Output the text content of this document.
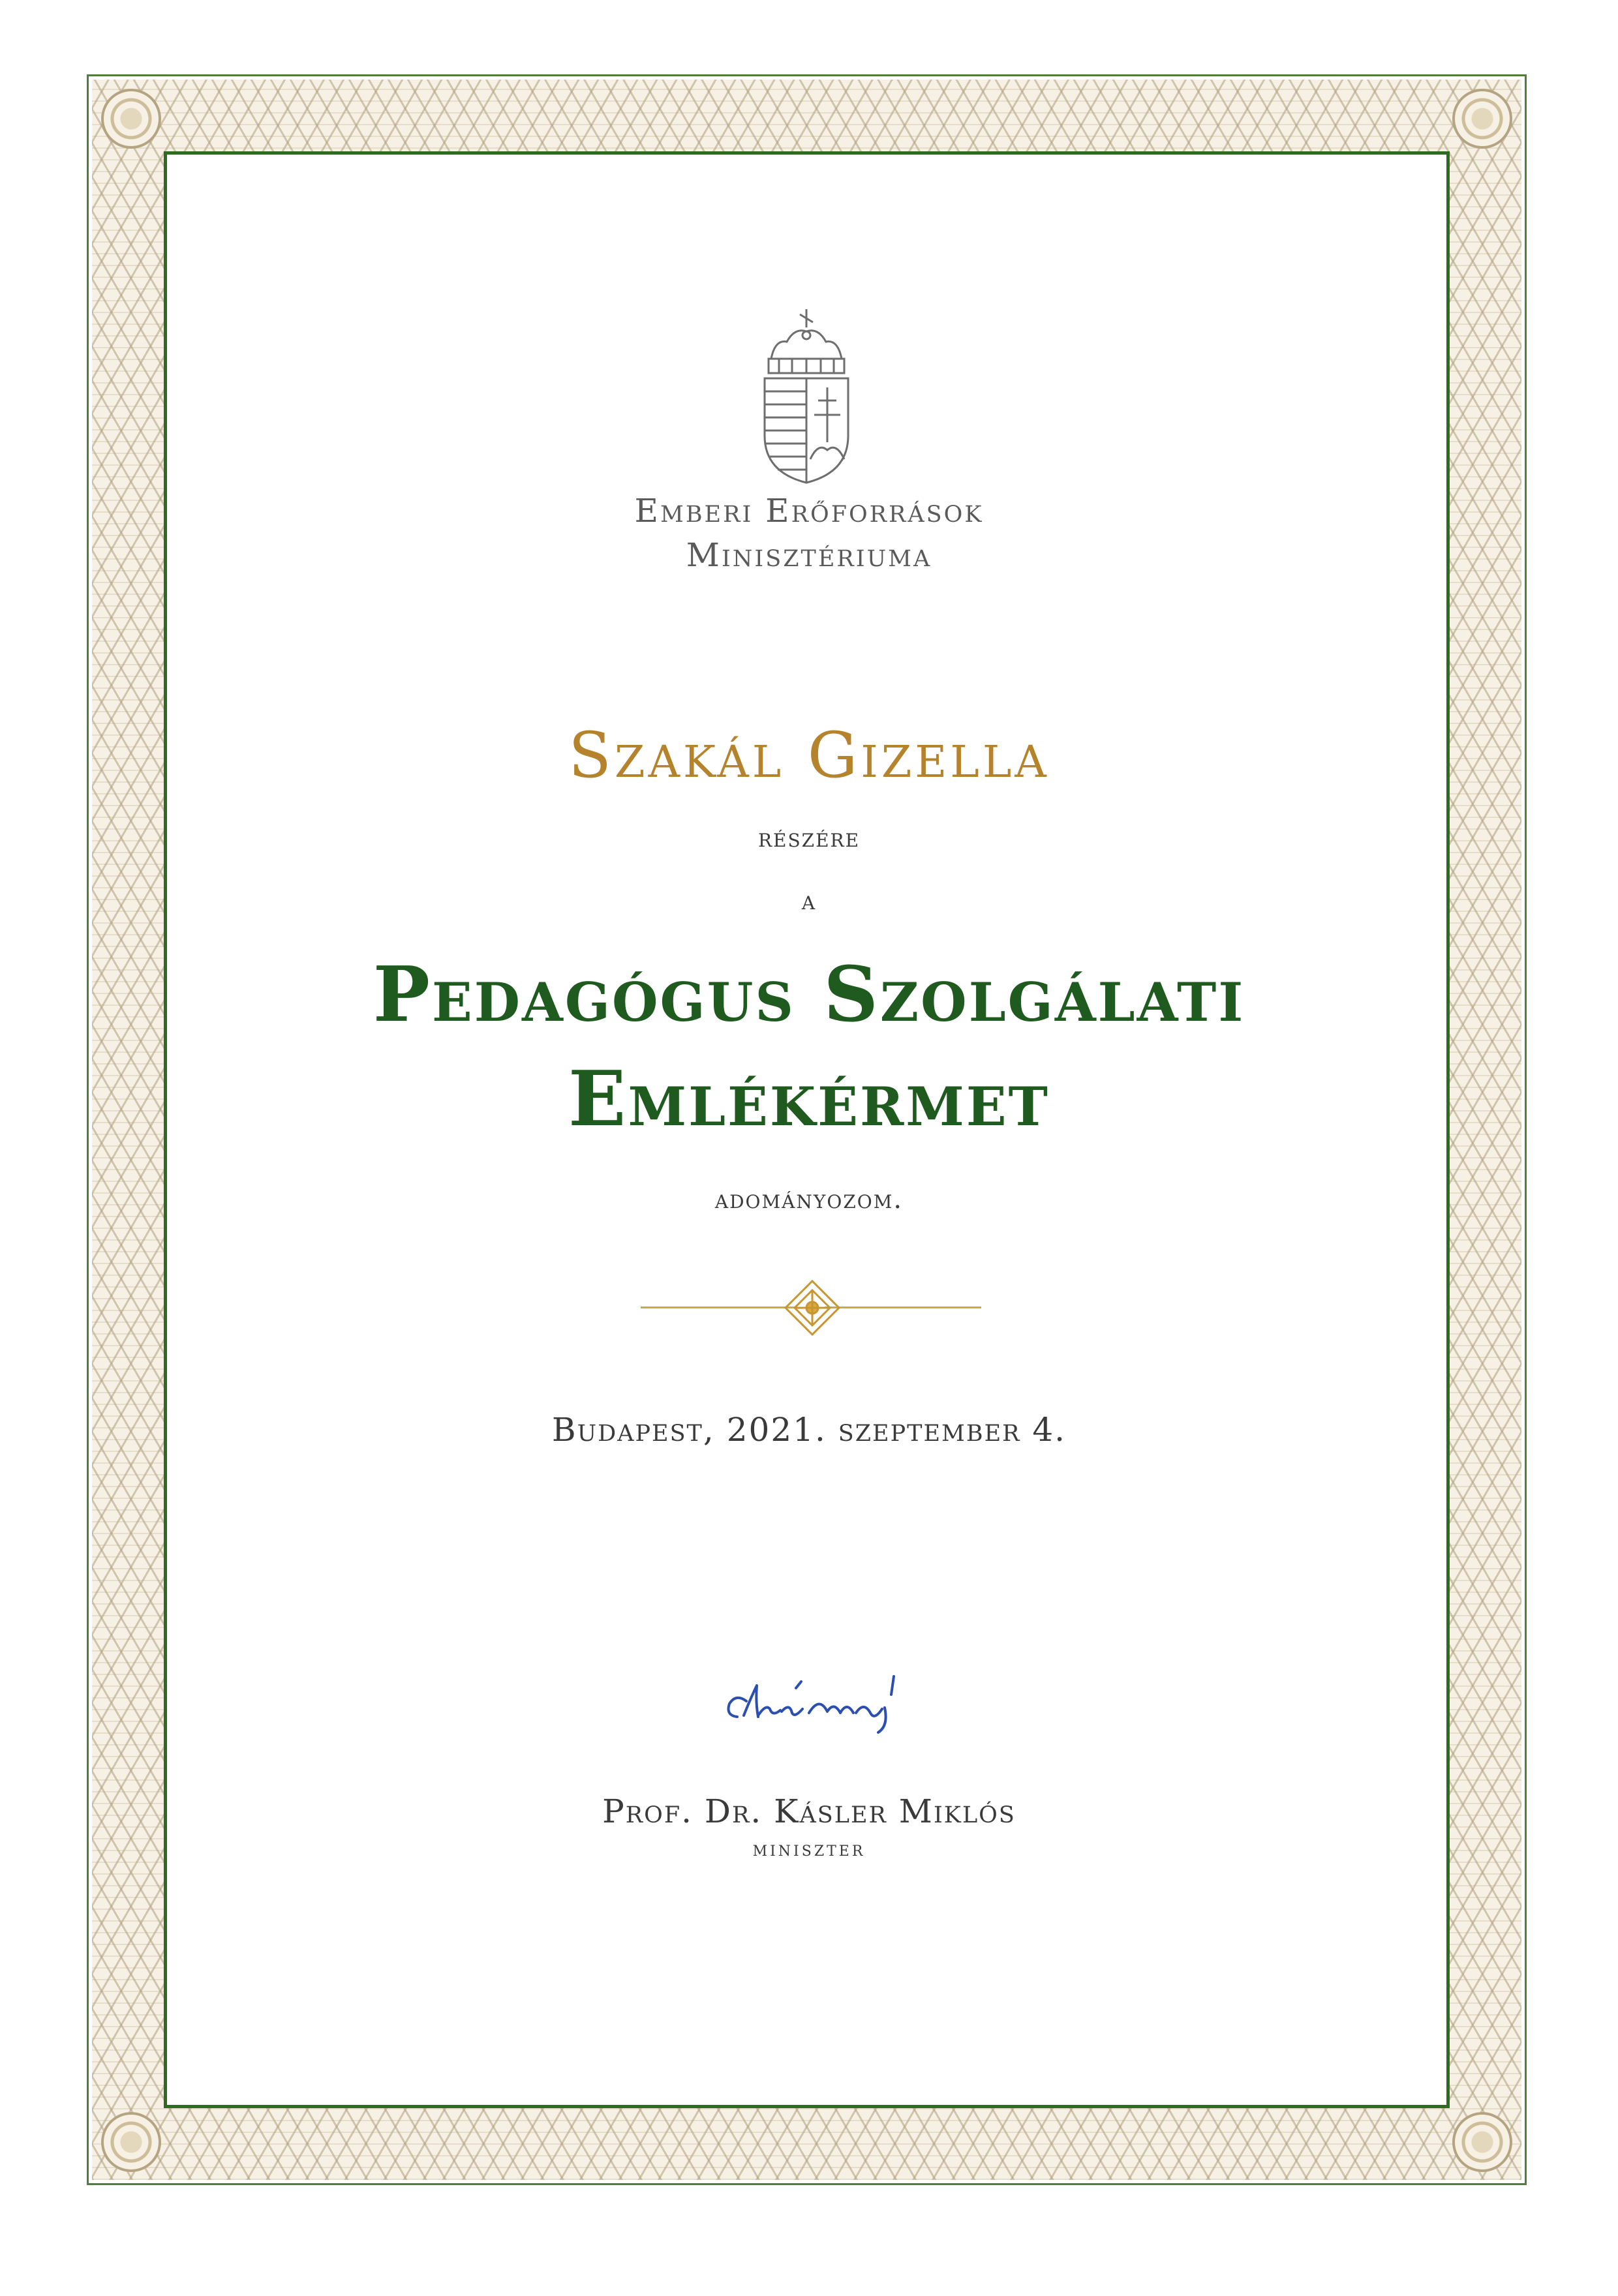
Emberi Erőforrások
Minisztériuma
Szakál Gizella
részére
a
Pedagógus Szolgálati
Emlékérmet
adományozom.
Budapest, 2021. szeptember 4.
Prof. Dr. Kásler Miklós
miniszter
